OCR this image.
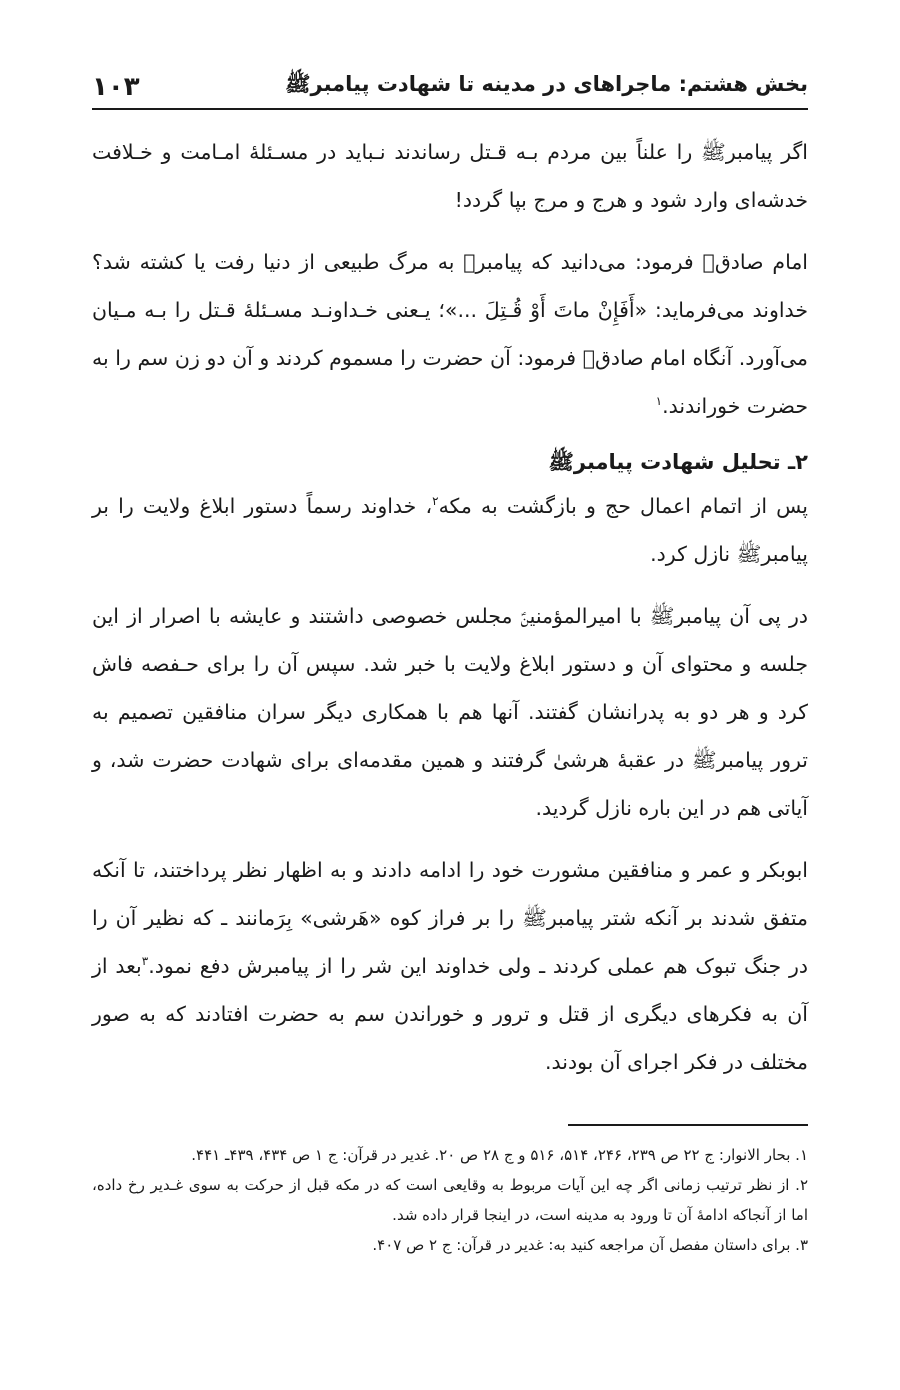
بخش هشتم: ماجراهای در مدینه تا شهادت پیامبرﷺ
۱۰۳

اگر پیامبرﷺ را علناً بین مردم بـه قـتل رساندند نـباید در مسـئلهٔ امـامت و خـلافت خدشه‌ای وارد شود و هرج و مرج بپا گردد!

امام صادقؑ فرمود: می‌دانید که پیامبرﷺ به مرگ طبیعی از دنیا رفت یا کشته شد؟ خداوند می‌فرماید: «أَفَإِنْ ماتَ أَوْ قُـتِلَ ...»؛ یـعنی خـداونـد مسـئلهٔ قـتل را بـه مـیان می‌آورد. آنگاه امام صادقؑ فرمود: آن حضرت را مسموم کردند و آن دو زن سم را به حضرت خوراندند.$^۱$

۲ـ تحلیل شهادت پیامبرﷺ

پس از اتمام اعمال حج و بازگشت به مکه$^۲$، خداوند رسماً دستور ابلاغ ولایت را بر پیامبرﷺ نازل کرد.

در پی آن پیامبرﷺ با امیرالمؤمنینؑ مجلس خصوصی داشتند و عایشه با اصرار از این جلسه و محتوای آن و دستور ابلاغ ولایت با خبر شد. سپس آن را برای حـفصه فاش کرد و هر دو به پدرانشان گفتند. آنها هم با همکاری دیگر سران منافقین تصمیم به ترور پیامبرﷺ در عقبهٔ هرشیٰ گرفتند و همین مقدمه‌ای برای شهادت حضرت شد، و آیاتی هم در این باره نازل گردید.

ابوبکر و عمر و منافقین مشورت خود را ادامه دادند و به اظهار نظر پرداختند، تا آنکه متفق شدند بر آنکه شتر پیامبرﷺ را بر فراز کوه «هَرشی» بِرَمانند ـ که نظیر آن را در جنگ تبوک هم عملی کردند ـ ولی خداوند این شر را از پیامبرش دفع نمود.$^۳$بعد از آن به فکرهای دیگری از قتل و ترور و خوراندن سم به حضرت افتادند که به صور مختلف در فکر اجرای آن بودند.

۱. بحار الانوار: ج ۲۲ ص ۲۳۹، ۲۴۶، ۵۱۴، ۵۱۶ و ج ۲۸ ص ۲۰. غدیر در قرآن: ج ۱ ص ۴۳۴، ۴۳۹ـ ۴۴۱.

۲. از نظر ترتیب زمانی اگر چه این آیات مربوط به وقایعی است که در مکه قبل از حرکت به سوی غـدیر رخ داده، اما از آنجاکه ادامهٔ آن تا ورود به مدینه است، در اینجا قرار داده شد.

۳. برای داستان مفصل آن مراجعه کنید به: غدیر در قرآن: ج ۲ ص ۴۰۷.
